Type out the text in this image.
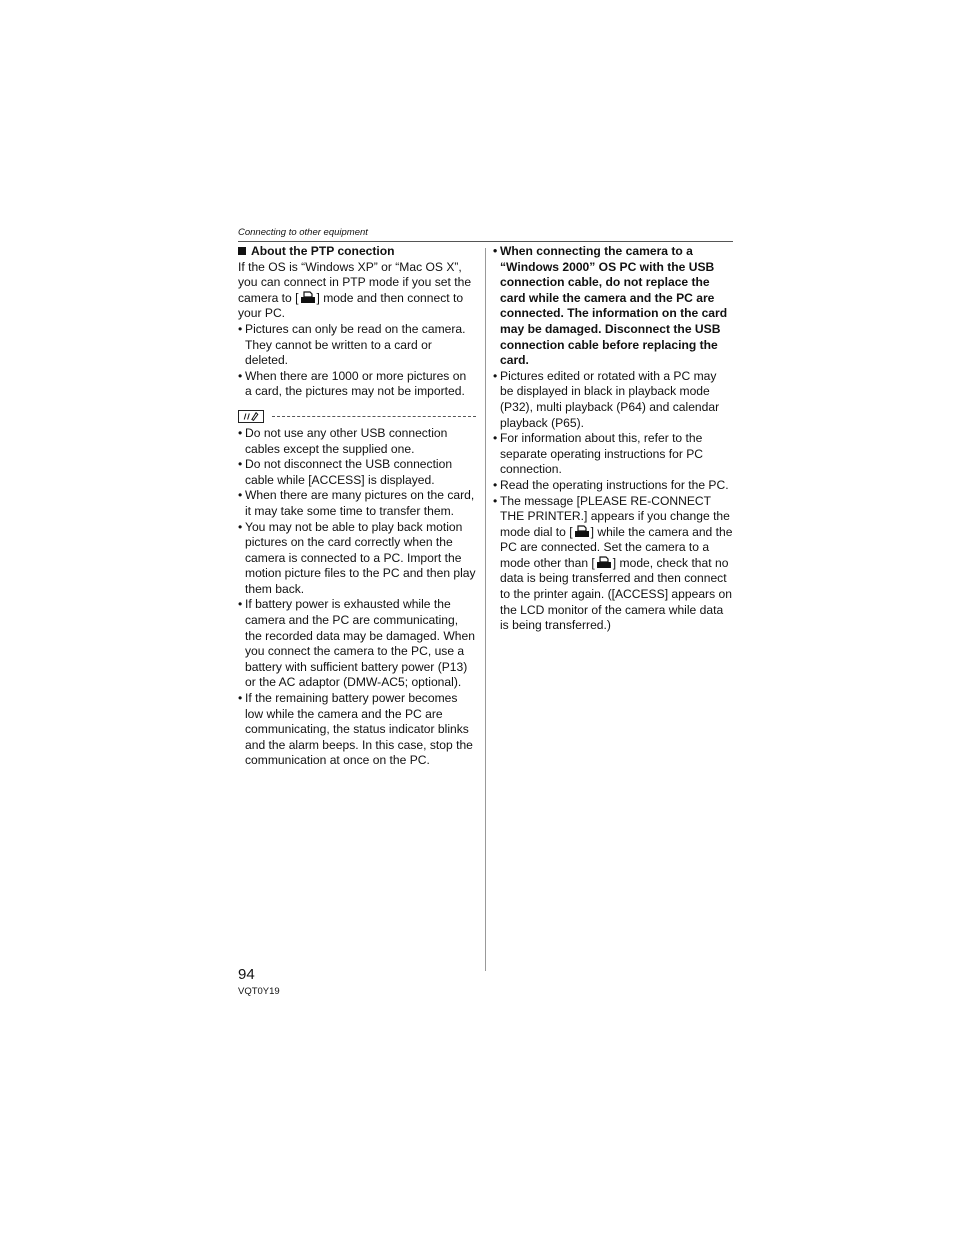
Connecting to other equipment

About the PTP conection

If the OS is “Windows XP” or “Mac OS X”, you can connect in PTP mode if you set the camera to [ ] mode and then connect to your PC.

• Pictures can only be read on the camera. They cannot be written to a card or deleted.

• When there are 1000 or more pictures on a card, the pictures may not be imported.

• Do not use any other USB connection cables except the supplied one.

• Do not disconnect the USB connection cable while [ACCESS] is displayed.

• When there are many pictures on the card, it may take some time to transfer them.

• You may not be able to play back motion pictures on the card correctly when the camera is connected to a PC. Import the motion picture files to the PC and then play them back.

• If battery power is exhausted while the camera and the PC are communicating, the recorded data may be damaged. When you connect the camera to the PC, use a battery with sufficient battery power (P13) or the AC adaptor (DMW-AC5; optional).

• If the remaining battery power becomes low while the camera and the PC are communicating, the status indicator blinks and the alarm beeps. In this case, stop the communication at once on the PC.

• When connecting the camera to a “Windows 2000” OS PC with the USB connection cable, do not replace the card while the camera and the PC are connected. The information on the card may be damaged. Disconnect the USB connection cable before replacing the card.

• Pictures edited or rotated with a PC may be displayed in black in playback mode (P32), multi playback (P64) and calendar playback (P65).

• For information about this, refer to the separate operating instructions for PC connection.

• Read the operating instructions for the PC.

• The message [PLEASE RE-CONNECT THE PRINTER.] appears if you change the mode dial to [ ] while the camera and the PC are connected. Set the camera to a mode other than [ ] mode, check that no data is being transferred and then connect to the printer again. ([ACCESS] appears on the LCD monitor of the camera while data is being transferred.)

94
VQT0Y19
